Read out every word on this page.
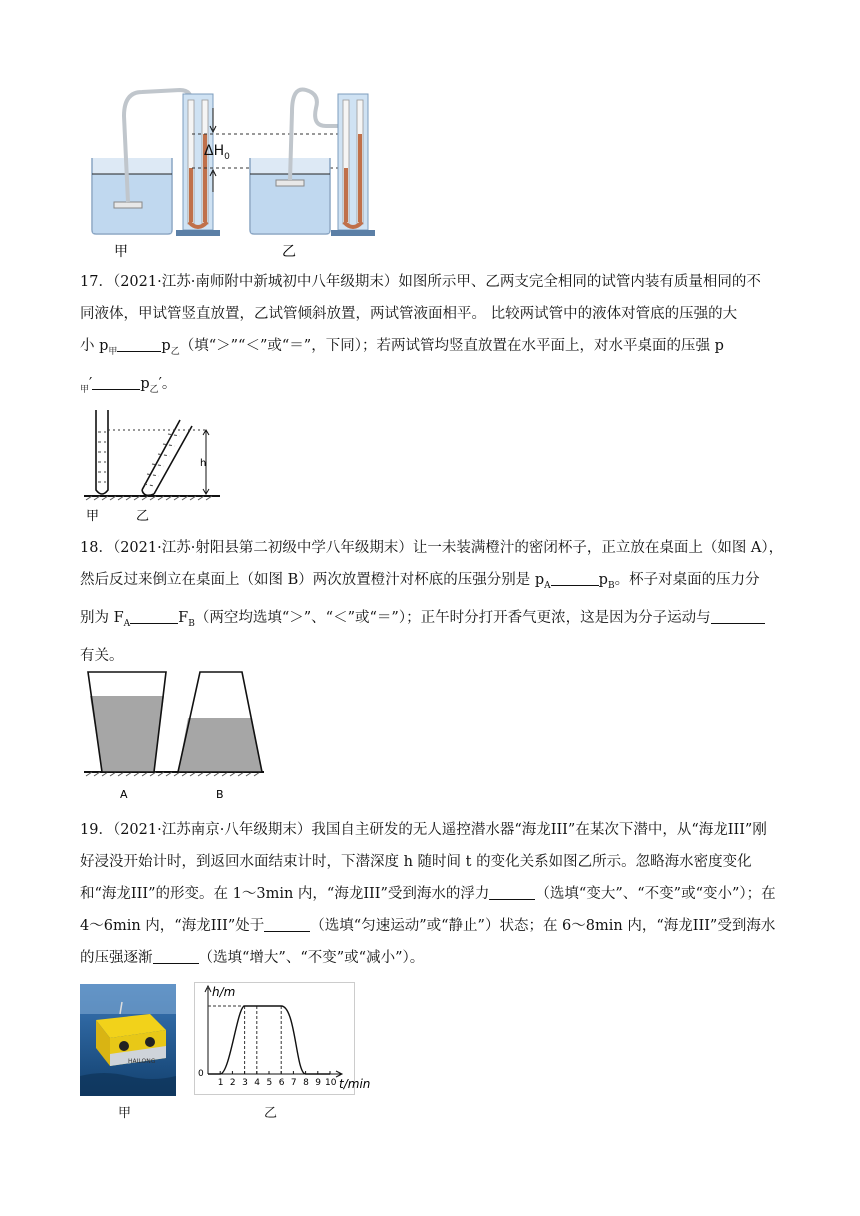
$\Delta H_0$
甲	乙
17．（2021·江苏·南师附中新城初中八年级期末）如图所示甲、乙两支完全相同的试管内装有质量相同的不
同液体，甲试管竖直放置，乙试管倾斜放置，两试管液面相平。 比较两试管中的液体对管底的压强的大
小 $p_甲$	$p_乙$（填“＞”“＜”或“＝”，下同）；若两试管均竖直放置在水平面上，对水平桌面的压强 p
$_甲$′	$p_乙'$。
h
甲	乙
18．（2021·江苏·射阳县第二初级中学八年级期末）让一未装满橙汁的密闭杯子，正立放在桌面上（如图 A），
然后反过来倒立在桌面上（如图 B）两次放置橙汁对杯底的压强分别是 $p_A$	$p_B$。杯子对桌面的压力分
别为 $F_A$	$F_B$（两空均选填“＞”、“＜”或“＝”）；正午时分打开香气更浓，这是因为分子运动与
有关。
A	B
19．（2021·江苏南京·八年级期末）我国自主研发的无人遥控潜水器“海龙III”在某次下潜中，从“海龙III”刚
好浸没开始计时，到返回水面结束计时，下潜深度 h 随时间 t 的变化关系如图乙所示。忽略海水密度变化
和“海龙III”的形变。在 1～3min 内，“海龙III”受到海水的浮力	（选填“变大”、“不变”或“变小”）；在
4～6min 内，“海龙III”处于	（选填“匀速运动”或“静止”）状态；在 6～8min 内，“海龙III”受到海水
的压强逐渐	（选填“增大”、“不变”或“减小”）。
HAILONG
1 2 3 4 5 6 7 8 9 10
h/m
t/min
0
甲	乙
